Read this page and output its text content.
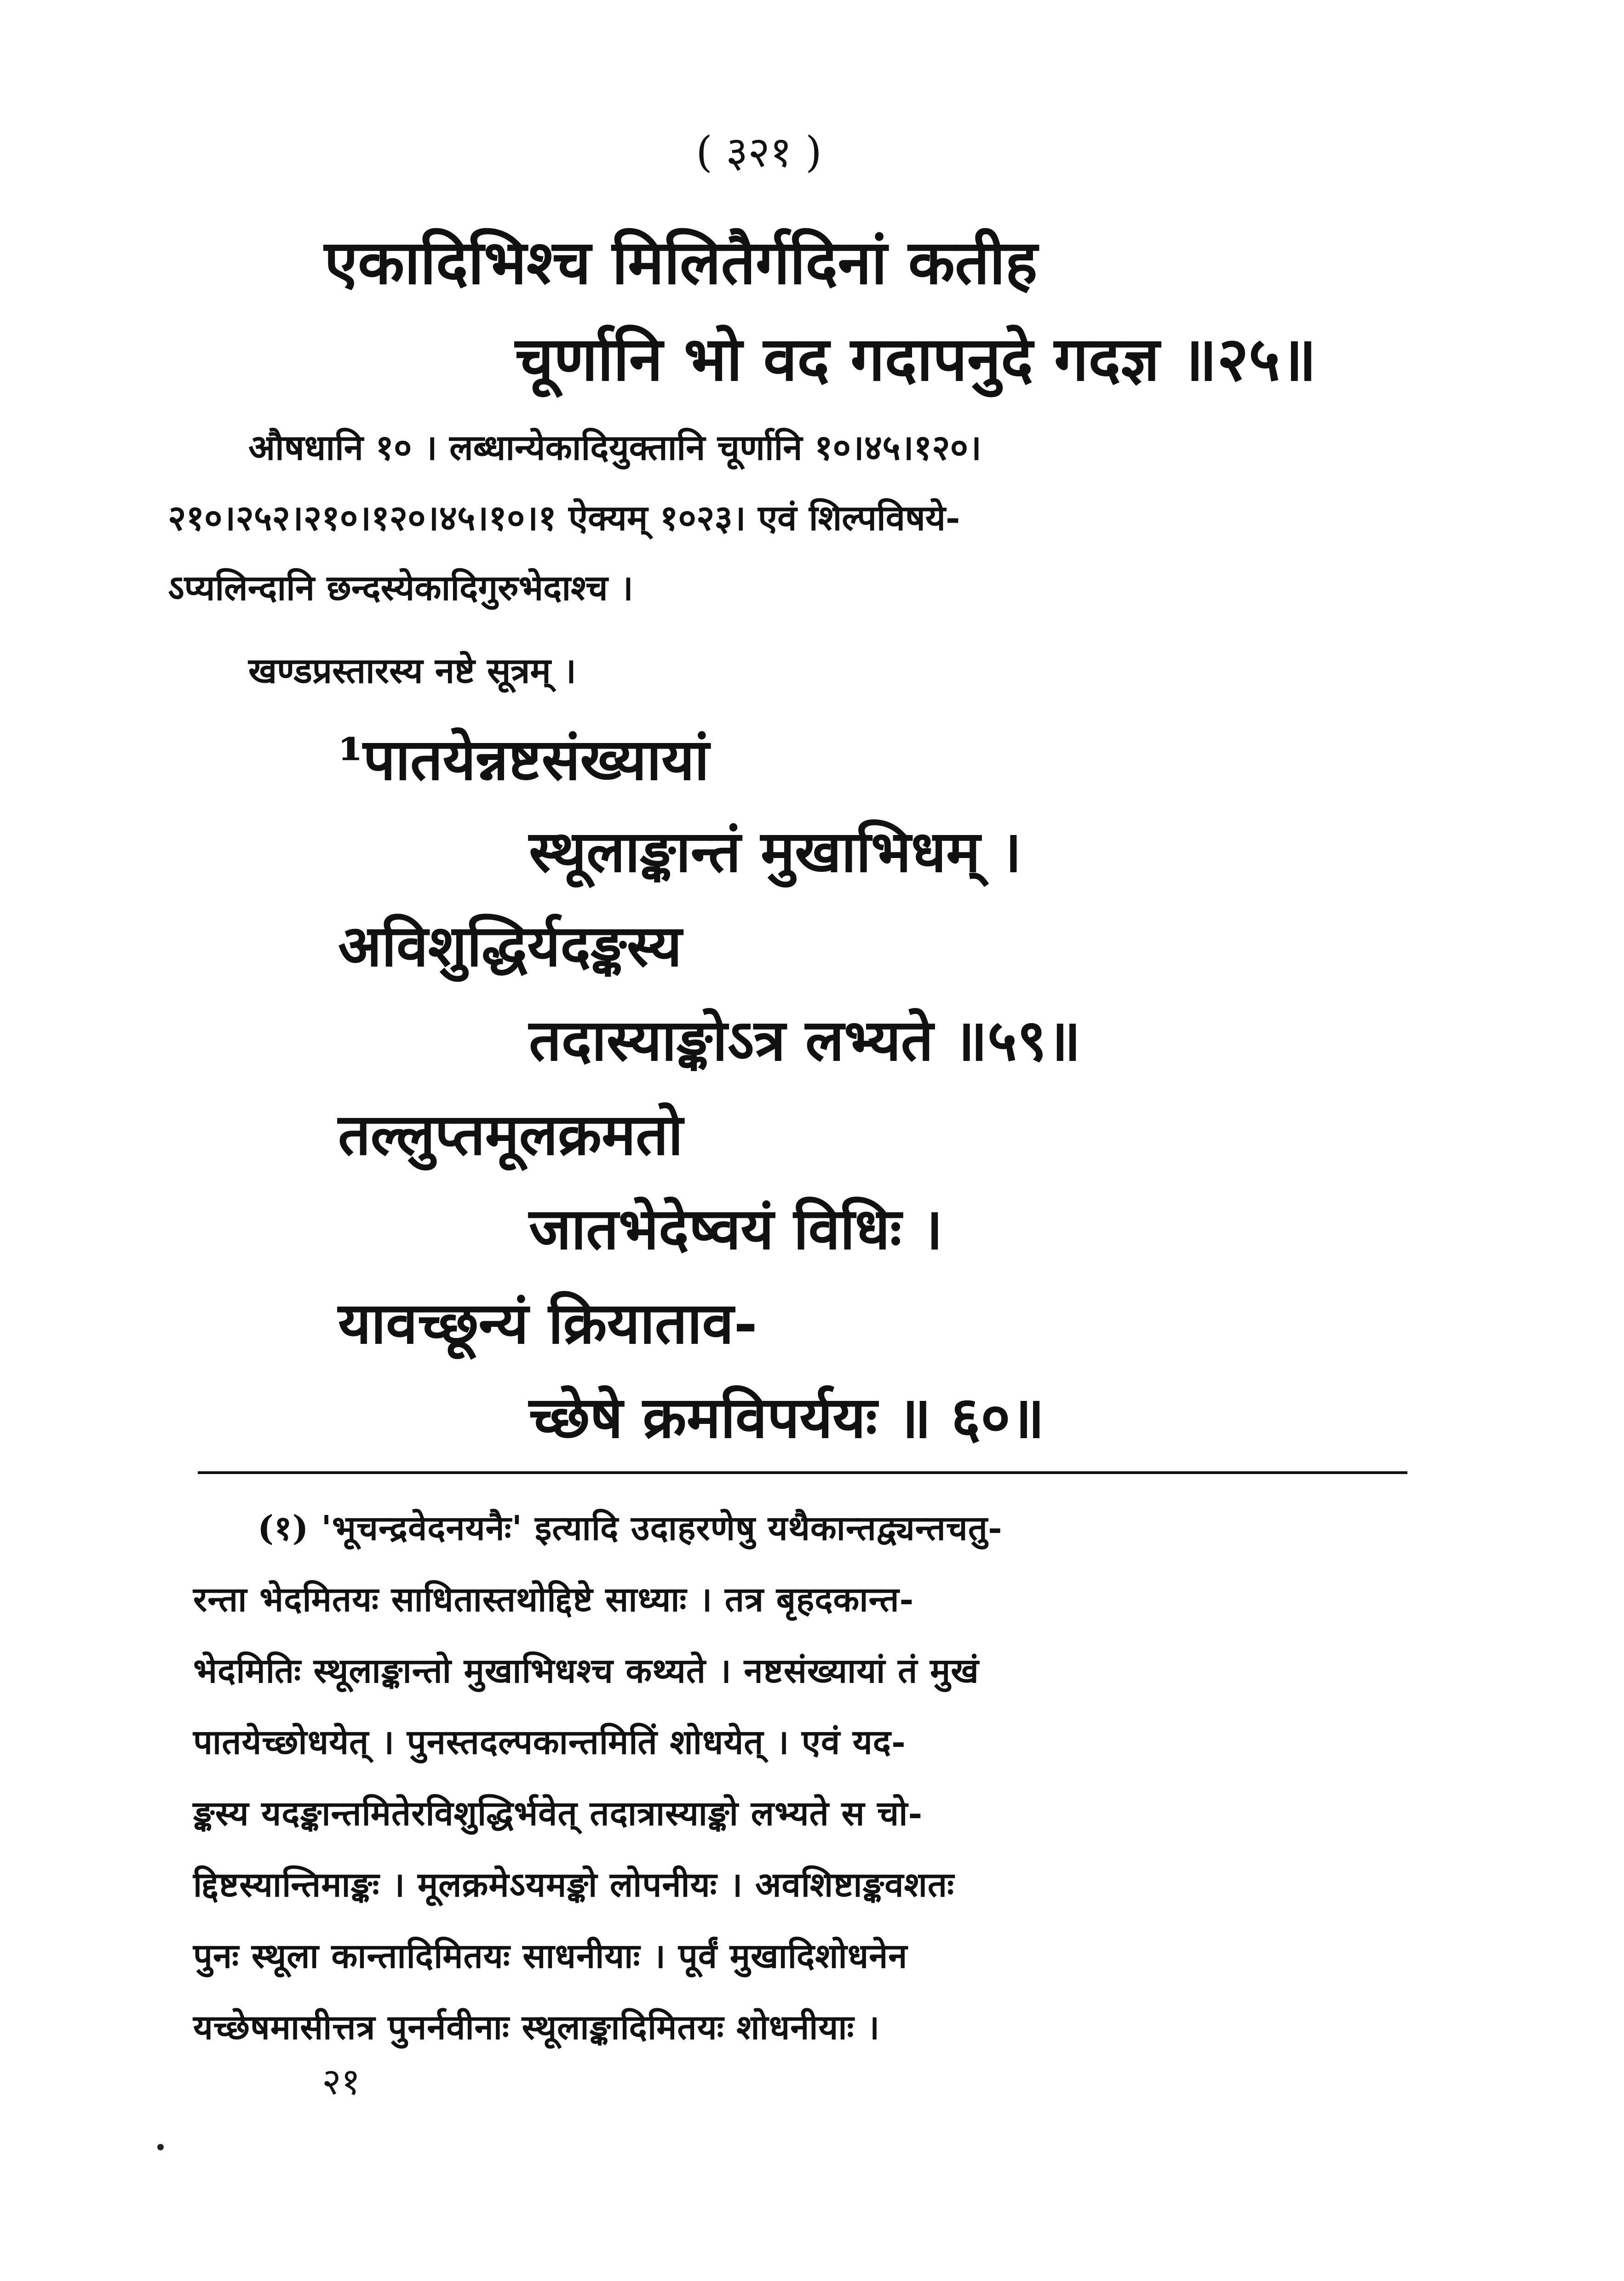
( ३२१ )
एकादिभिश्च मिलितैर्गदिनां कतीह
चूर्णानि भो वद गदापनुदे गदज्ञ ॥२५॥
औषधानि १० । लब्धान्येकादियुक्तानि चूर्णानि १०।४५।१२०।
२१०।२५२।२१०।१२०।४५।१०।१ ऐक्यम् १०२३। एवं शिल्पविषये-
ऽप्यलिन्दानि छन्दस्येकादिगुरुभेदाश्च ।
खण्डप्रस्तारस्य नष्टे सूत्रम् ।
¹पातयेन्नष्टसंख्यायां
स्थूलाङ्कान्तं मुखाभिधम् ।
अविशुद्धिर्यदङ्कस्य
तदास्याङ्कोऽत्र लभ्यते ॥५९॥
तल्लुप्तमूलक्रमतो
जातभेदेष्वयं विधिः ।
यावच्छून्यं क्रियाताव-
च्छेषे क्रमविपर्ययः ॥ ६०॥
(१) 'भूचन्द्रवेदनयनैः' इत्यादि उदाहरणेषु यथैकान्तद्व्यन्तचतु-
रन्ता भेदमितयः साधितास्तथोद्दिष्टे साध्याः । तत्र बृहदकान्त-
भेदमितिः स्थूलाङ्कान्तो मुखाभिधश्च कथ्यते । नष्टसंख्यायां तं मुखं
पातयेच्छोधयेत् । पुनस्तदल्पकान्तमितिं शोधयेत् । एवं यद-
ङ्कस्य यदङ्कान्तमितेरविशुद्धिर्भवेत् तदात्रास्याङ्को लभ्यते स चो-
द्दिष्टस्यान्तिमाङ्कः । मूलक्रमेऽयमङ्को लोपनीयः । अवशिष्टाङ्कवशतः
पुनः स्थूला कान्तादिमितयः साधनीयाः । पूर्वं मुखादिशोधनेन
यच्छेषमासीत्तत्र पुनर्नवीनाः स्थूलाङ्कादिमितयः शोधनीयाः ।
२१
